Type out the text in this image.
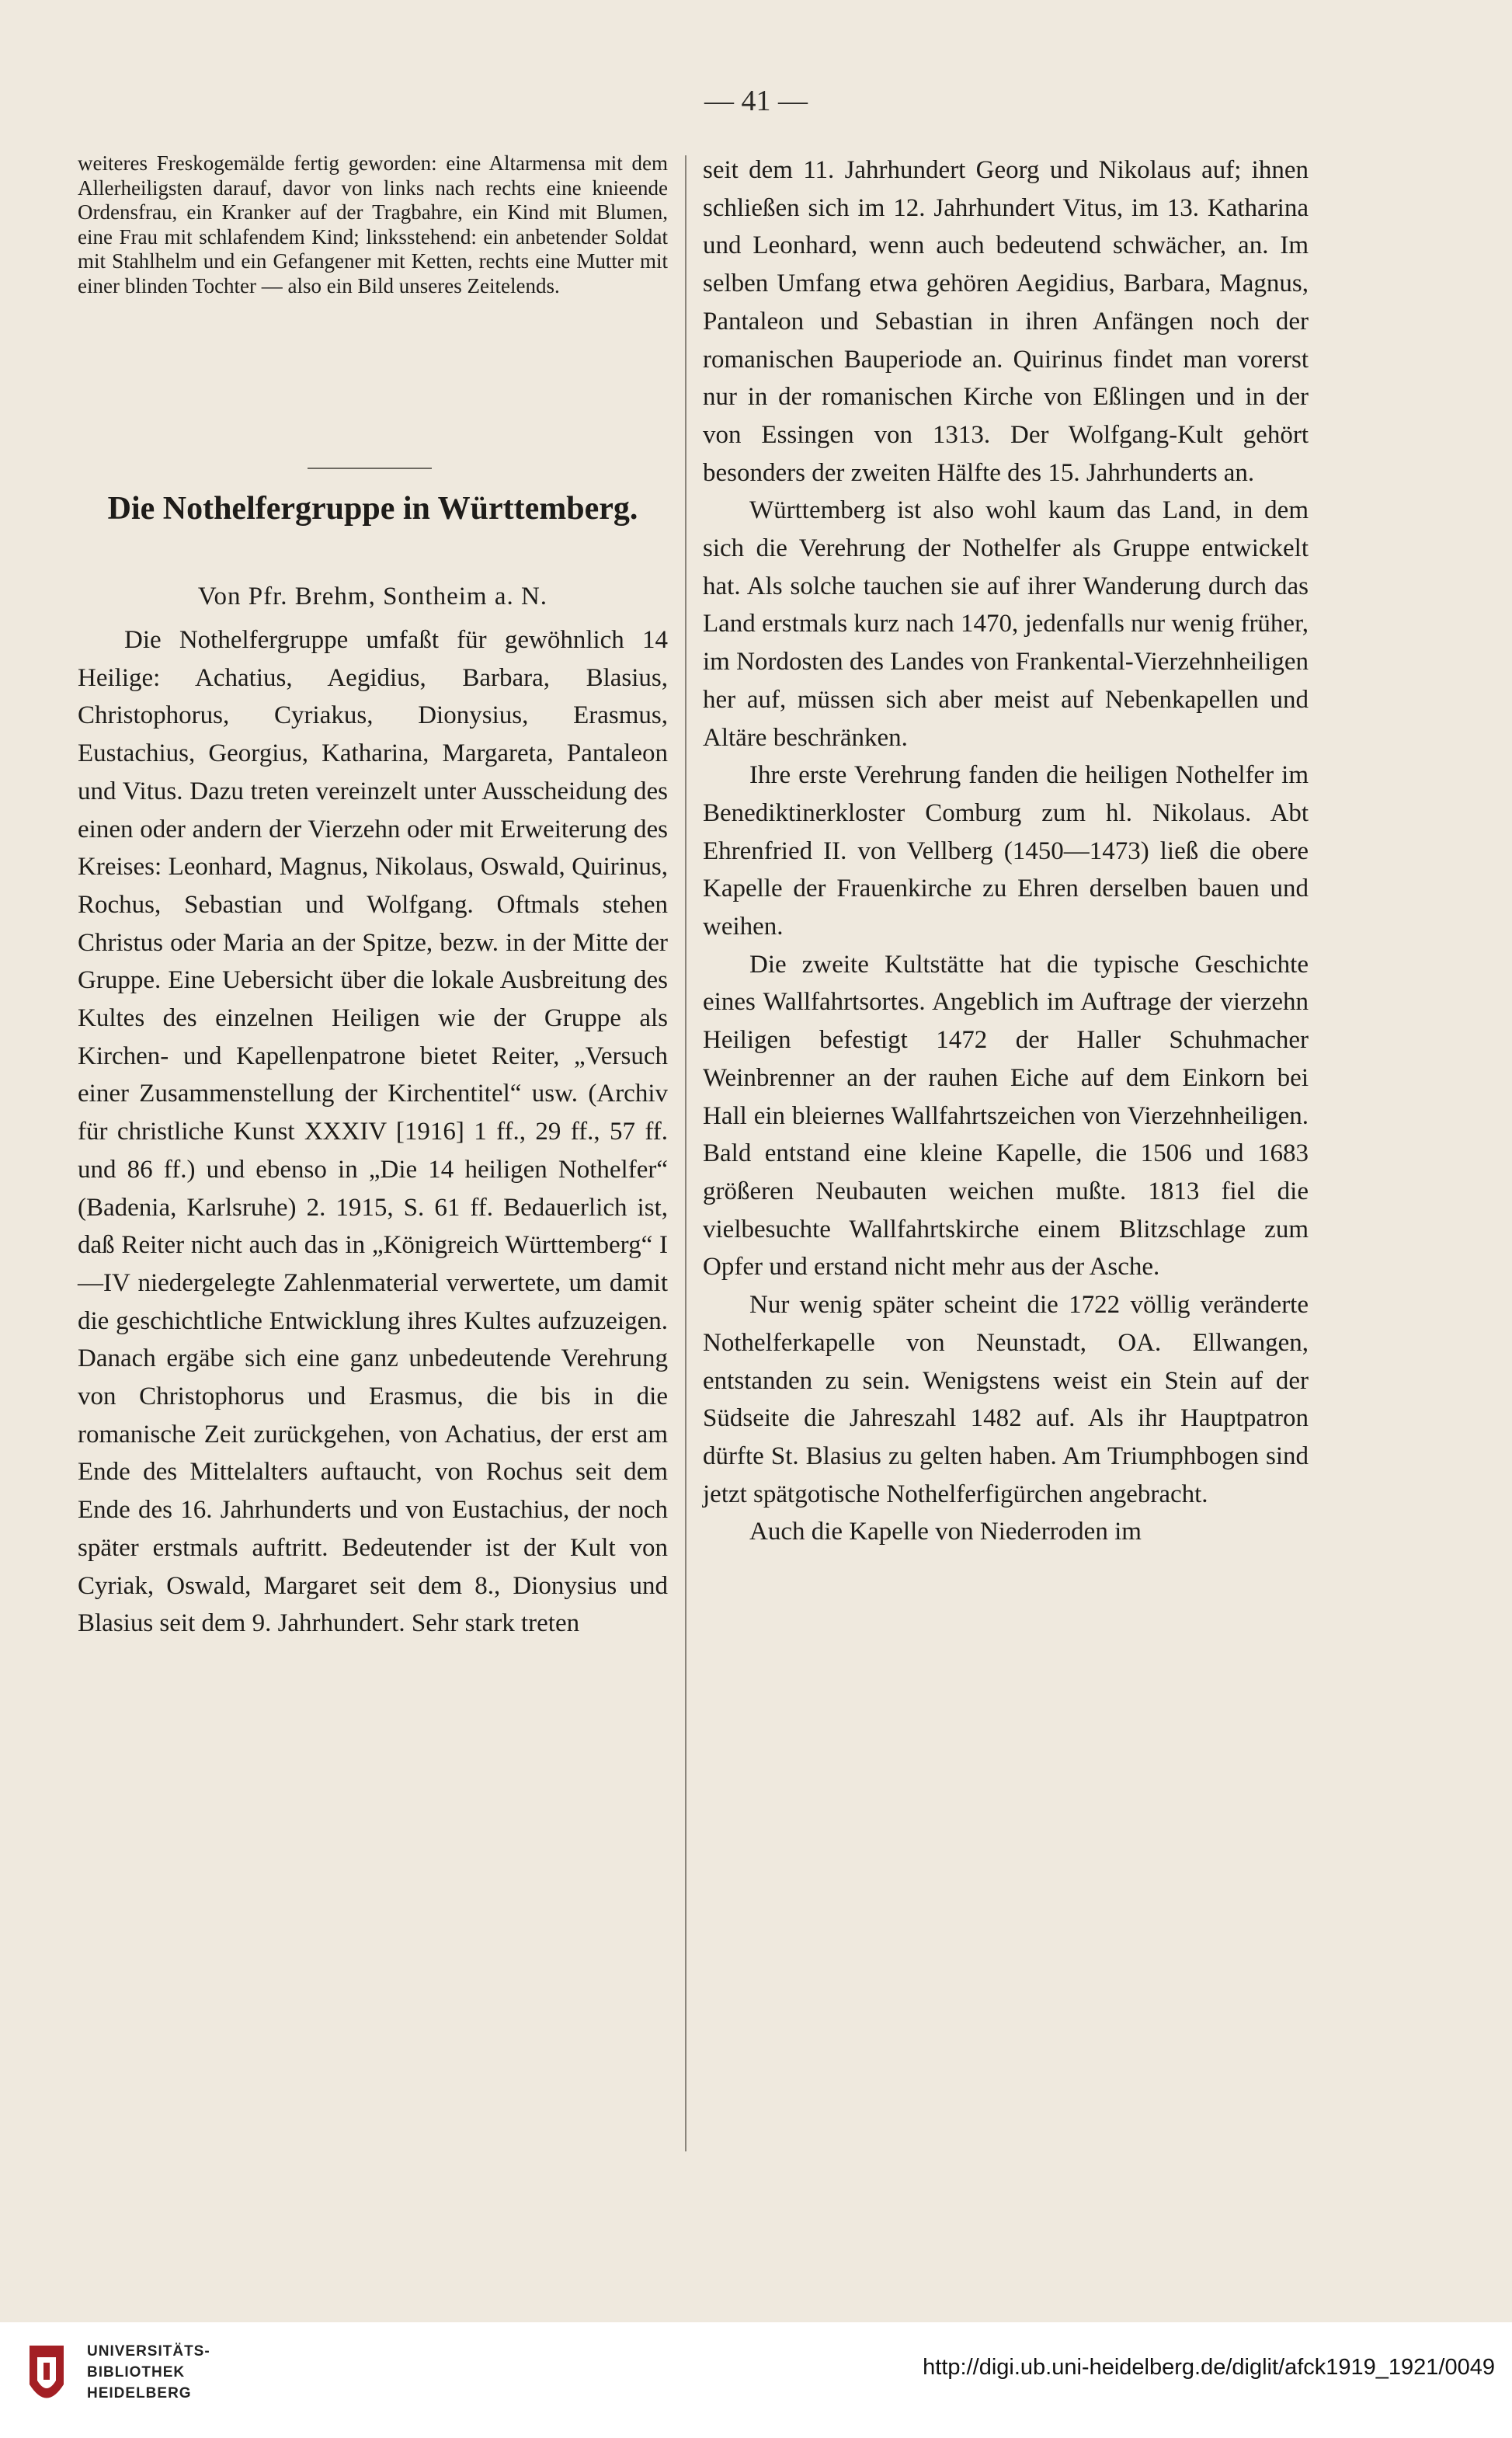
— 41 —

weiteres Freskogemälde fertig geworden: eine Altarmensa mit dem Allerheiligsten darauf, davor von links nach rechts eine knieende Ordensfrau, ein Kranker auf der Tragbahre, ein Kind mit Blumen, eine Frau mit schlafendem Kind; linksstehend: ein anbetender Soldat mit Stahlhelm und ein Gefangener mit Ketten, rechts eine Mutter mit einer blinden Tochter — also ein Bild unseres Zeitelends.

Die Nothelfergruppe in Württemberg.
Von Pfr. Brehm, Sontheim a. N.

Die Nothelfergruppe umfaßt für gewöhnlich 14 Heilige: Achatius, Aegidius, Barbara, Blasius, Christophorus, Cyriakus, Dionysius, Erasmus, Eustachius, Georgius, Katharina, Margareta, Pantaleon und Vitus. Dazu treten vereinzelt unter Ausscheidung des einen oder andern der Vierzehn oder mit Erweiterung des Kreises: Leonhard, Magnus, Nikolaus, Oswald, Quirinus, Rochus, Sebastian und Wolfgang. Oftmals stehen Christus oder Maria an der Spitze, bezw. in der Mitte der Gruppe. Eine Uebersicht über die lokale Ausbreitung des Kultes des einzelnen Heiligen wie der Gruppe als Kirchen- und Kapellenpatrone bietet Reiter, „Versuch einer Zusammenstellung der Kirchentitel“ usw. (Archiv für christliche Kunst XXXIV [1916] 1 ff., 29 ff., 57 ff. und 86 ff.) und ebenso in „Die 14 heiligen Nothelfer“ (Badenia, Karlsruhe) 2. 1915, S. 61 ff. Bedauerlich ist, daß Reiter nicht auch das in „Königreich Württemberg“ I—IV niedergelegte Zahlenmaterial verwertete, um damit die geschichtliche Entwicklung ihres Kultes aufzuzeigen. Danach ergäbe sich eine ganz unbedeutende Verehrung von Christophorus und Erasmus, die bis in die romanische Zeit zurückgehen, von Achatius, der erst am Ende des Mittelalters auftaucht, von Rochus seit dem Ende des 16. Jahrhunderts und von Eustachius, der noch später erstmals auftritt. Bedeutender ist der Kult von Cyriak, Oswald, Margaret seit dem 8., Dionysius und Blasius seit dem 9. Jahrhundert. Sehr stark treten

seit dem 11. Jahrhundert Georg und Nikolaus auf; ihnen schließen sich im 12. Jahrhundert Vitus, im 13. Katharina und Leonhard, wenn auch bedeutend schwächer, an. Im selben Umfang etwa gehören Aegidius, Barbara, Magnus, Pantaleon und Sebastian in ihren Anfängen noch der romanischen Bauperiode an. Quirinus findet man vorerst nur in der romanischen Kirche von Eßlingen und in der von Essingen von 1313. Der Wolfgang-Kult gehört besonders der zweiten Hälfte des 15. Jahrhunderts an.

Württemberg ist also wohl kaum das Land, in dem sich die Verehrung der Nothelfer als Gruppe entwickelt hat. Als solche tauchen sie auf ihrer Wanderung durch das Land erstmals kurz nach 1470, jedenfalls nur wenig früher, im Nordosten des Landes von Frankental-Vierzehnheiligen her auf, müssen sich aber meist auf Nebenkapellen und Altäre beschränken.

Ihre erste Verehrung fanden die heiligen Nothelfer im Benediktinerkloster Comburg zum hl. Nikolaus. Abt Ehrenfried II. von Vellberg (1450—1473) ließ die obere Kapelle der Frauenkirche zu Ehren derselben bauen und weihen.

Die zweite Kultstätte hat die typische Geschichte eines Wallfahrtsortes. Angeblich im Auftrage der vierzehn Heiligen befestigt 1472 der Haller Schuhmacher Weinbrenner an der rauhen Eiche auf dem Einkorn bei Hall ein bleiernes Wallfahrtszeichen von Vierzehnheiligen. Bald entstand eine kleine Kapelle, die 1506 und 1683 größeren Neubauten weichen mußte. 1813 fiel die vielbesuchte Wallfahrtskirche einem Blitzschlage zum Opfer und erstand nicht mehr aus der Asche.

Nur wenig später scheint die 1722 völlig veränderte Nothelferkapelle von Neunstadt, OA. Ellwangen, entstanden zu sein. Wenigstens weist ein Stein auf der Südseite die Jahreszahl 1482 auf. Als ihr Hauptpatron dürfte St. Blasius zu gelten haben. Am Triumphbogen sind jetzt spätgotische Nothelferfigürchen angebracht.

Auch die Kapelle von Niederroden im

UNIVERSITÄTS-
BIBLIOTHEK
HEIDELBERG
http://digi.ub.uni-heidelberg.de/diglit/afck1919_1921/0049
